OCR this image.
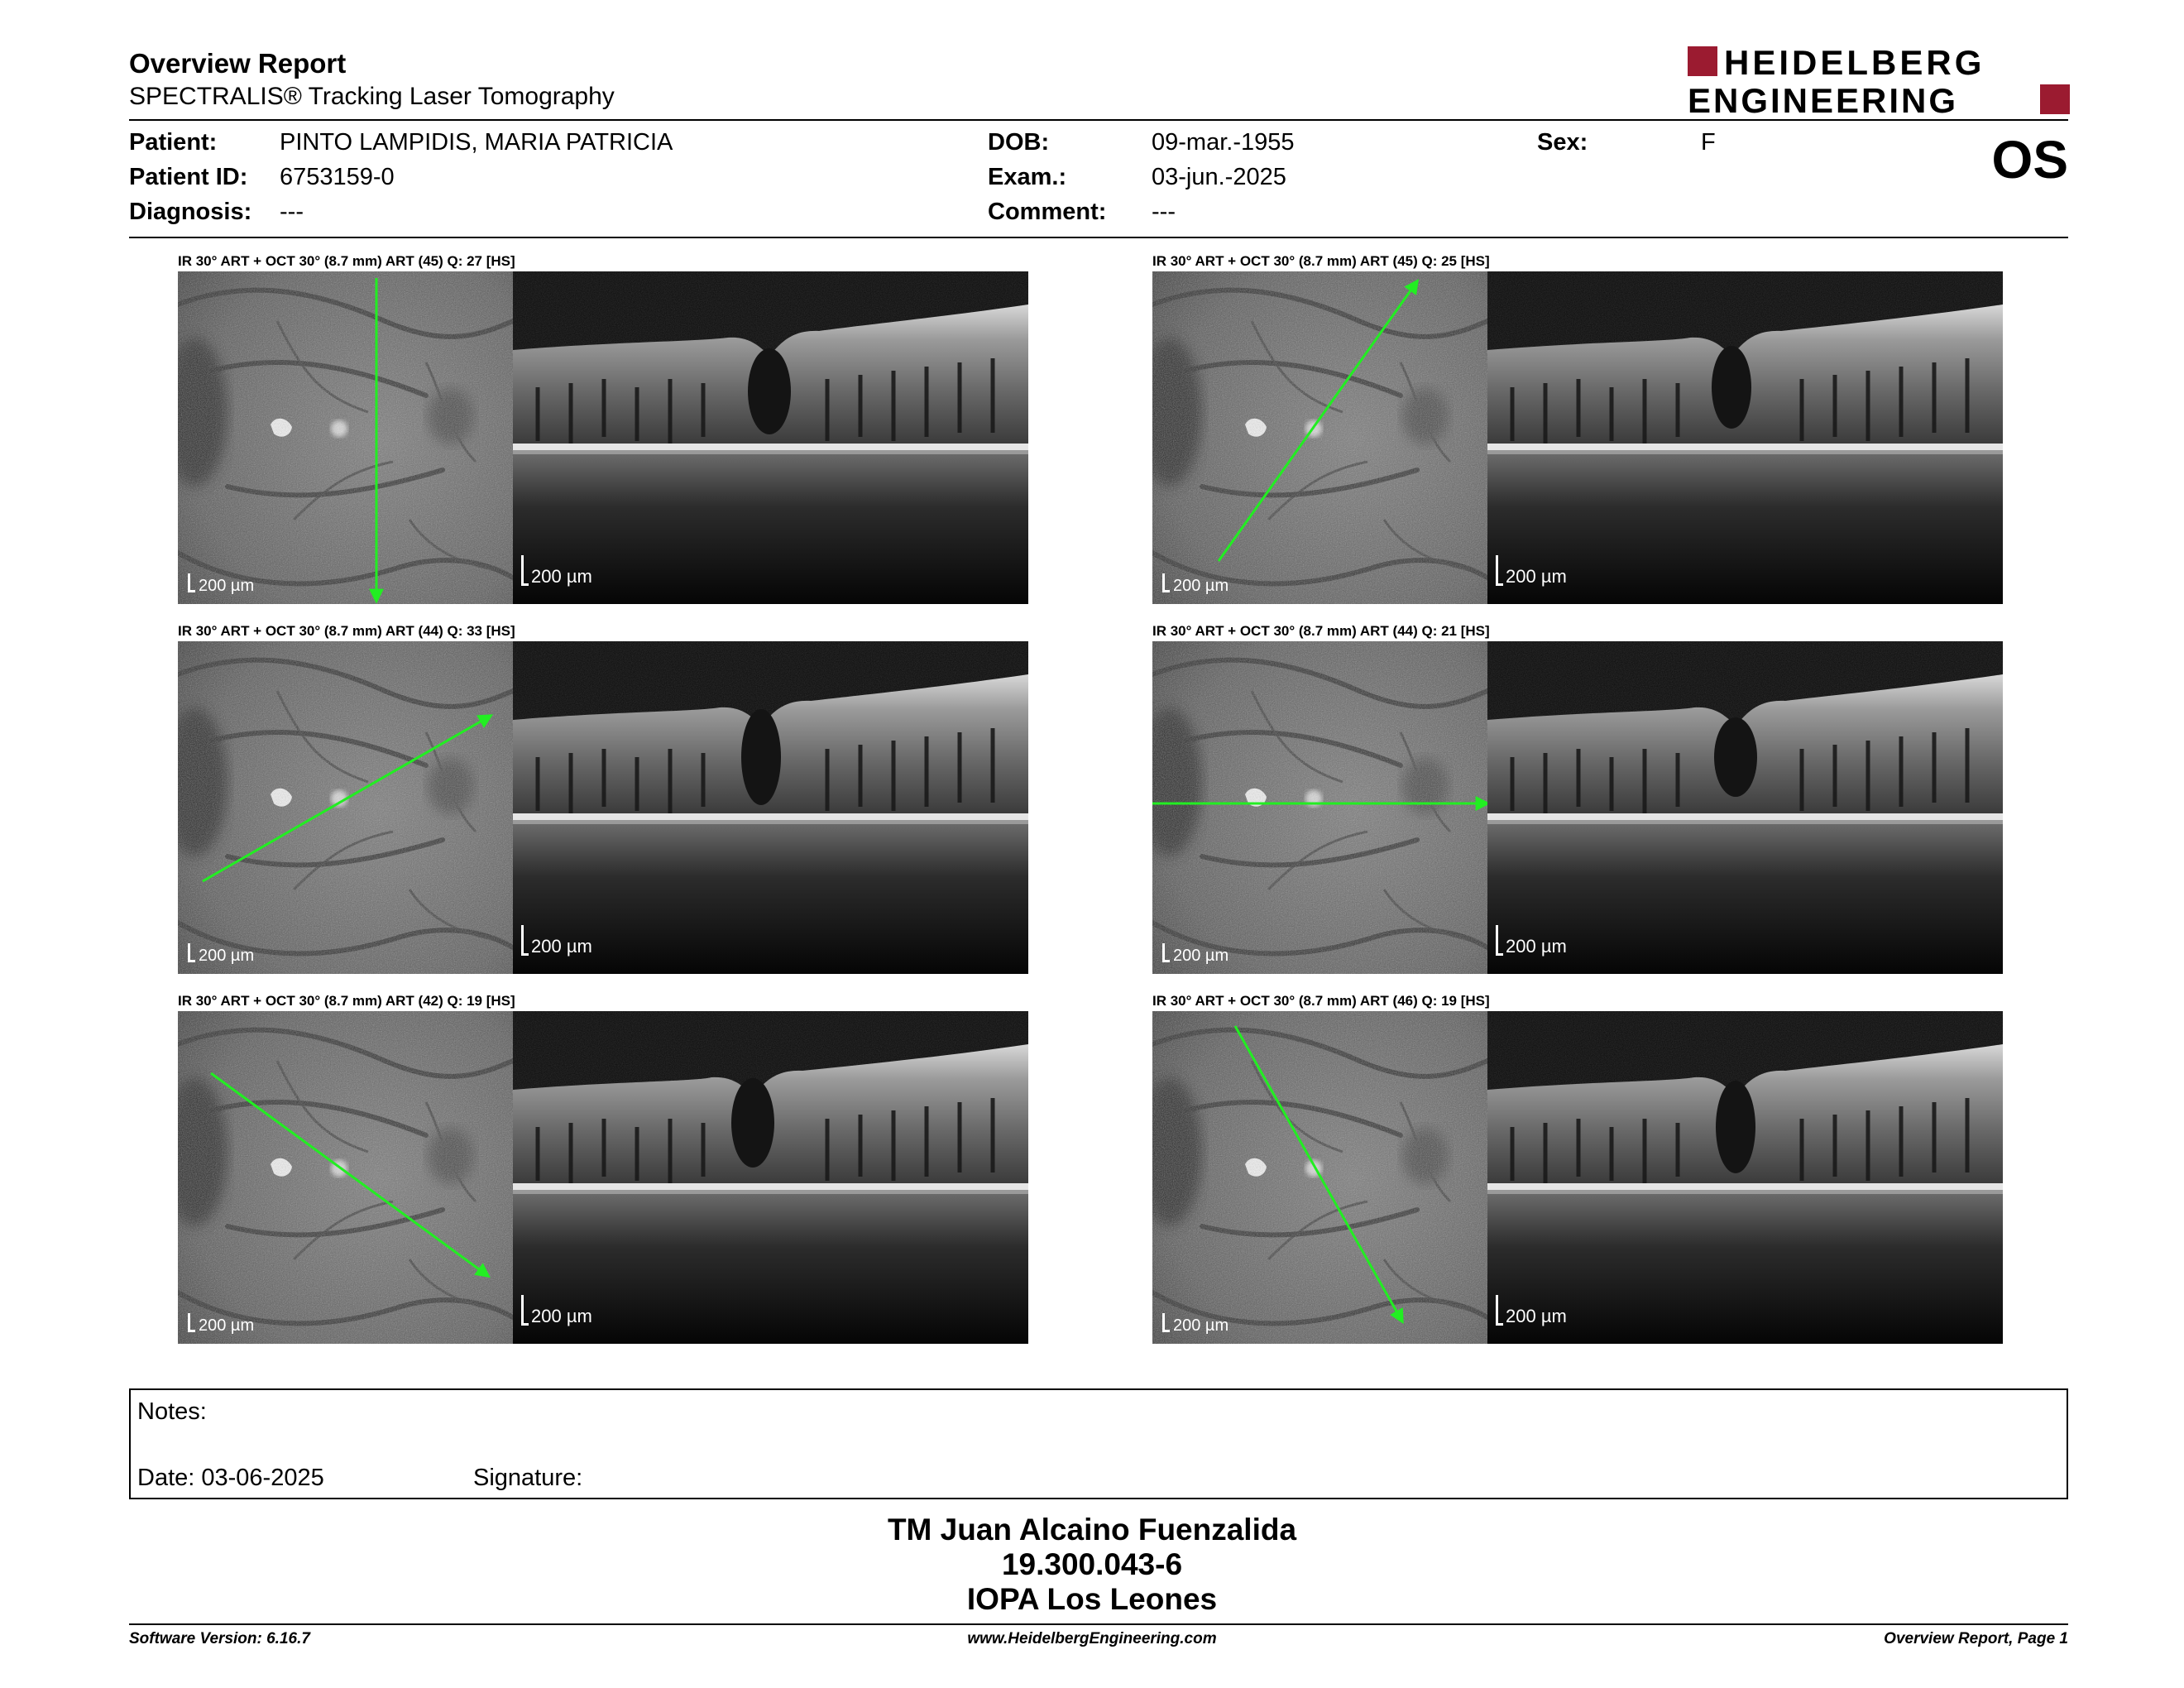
Overview Report
SPECTRALIS® Tracking Laser Tomography
HEIDELBERG
ENGINEERING
Patient:	PINTO LAMPIDIS, MARIA PATRICIA
Patient ID: 6753159-0
Diagnosis: ---
DOB:	09-mar.-1955
Exam.:	03-jun.-2025
Comment: ---
Sex:	F	OS
IR 30° ART + OCT 30° (8.7 mm) ART (45) Q: 27 [HS]
200 µm	200 µm
IR 30° ART + OCT 30° (8.7 mm) ART (45) Q: 25 [HS]
200 µm	200 µm
IR 30° ART + OCT 30° (8.7 mm) ART (44) Q: 33 [HS]
200 µm	200 µm
IR 30° ART + OCT 30° (8.7 mm) ART (44) Q: 21 [HS]
200 µm	200 µm
IR 30° ART + OCT 30° (8.7 mm) ART (42) Q: 19 [HS]
200 µm	200 µm
IR 30° ART + OCT 30° (8.7 mm) ART (46) Q: 19 [HS]
200 µm	200 µm
Notes:
Date: 03-06-2025	Signature:
TM Juan Alcaino Fuenzalida
19.300.043-6
IOPA Los Leones
Software Version: 6.16.7	www.HeidelbergEngineering.com	Overview Report, Page 1
